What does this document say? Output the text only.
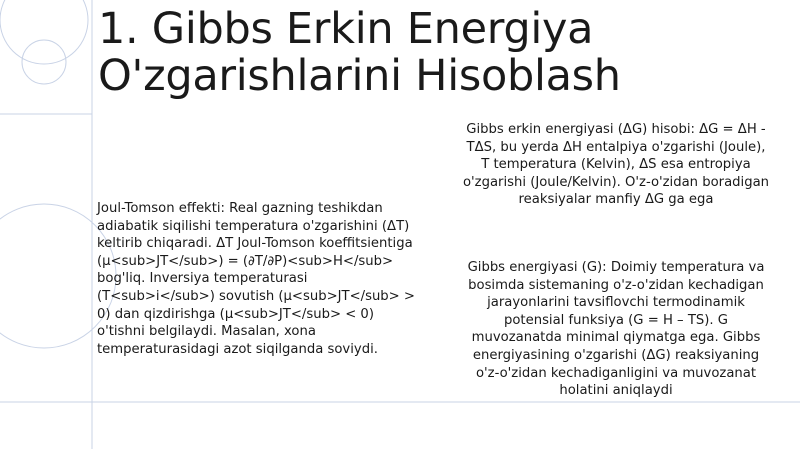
1. Gibbs Erkin Energiya O'zgarishlarini Hisoblash

Joul-Tomson effekti: Real gazning teshikdan adiabatik siqilishi temperatura o'zgarishini (ΔT) keltirib chiqaradi. ΔT Joul-Tomson koeffitsientiga (μ<sub>JT</sub>) = (∂T/∂P)<sub>H</sub> bog'liq. Inversiya temperaturasi (T<sub>i</sub>) sovutish (μ<sub>JT</sub> > 0) dan qizdirishga (μ<sub>JT</sub> < 0) o'tishni belgilaydi. Masalan, xona temperaturasidagi azot siqilganda soviydi.

Gibbs erkin energiyasi (ΔG) hisobi: ΔG = ΔH - TΔS, bu yerda ΔH entalpiya o'zgarishi (Joule), T temperatura (Kelvin), ΔS esa entropiya o'zgarishi (Joule/Kelvin). O'z-o'zidan boradigan reaksiyalar manfiy ΔG ga ega

Gibbs energiyasi (G): Doimiy temperatura va bosimda sistemaning o'z-o'zidan kechadigan jarayonlarini tavsiflovchi termodinamik potensial funksiya (G = H – TS). G muvozanatda minimal qiymatga ega. Gibbs energiyasining o'zgarishi (ΔG) reaksiyaning o'z-o'zidan kechadiganligini va muvozanat holatini aniqlaydi
